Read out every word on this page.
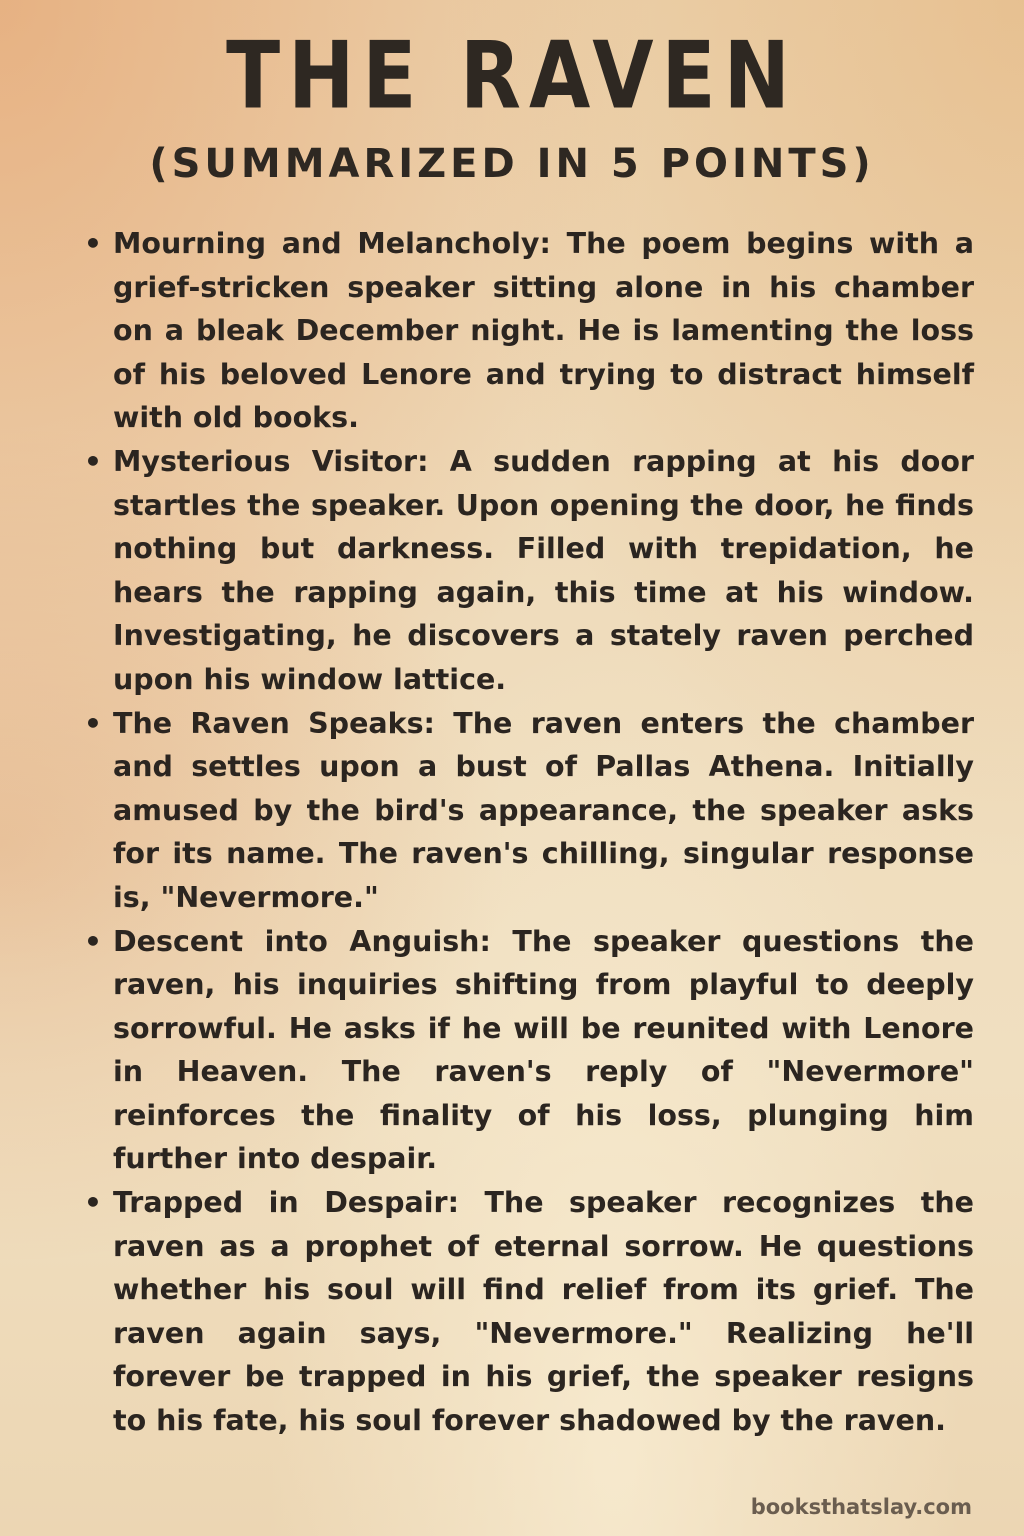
THE RAVEN
(SUMMARIZED IN 5 POINTS)
• Mourning and Melancholy: The poem begins with a grief-stricken speaker sitting alone in his chamber on a bleak December night. He is lamenting the loss of his beloved Lenore and trying to distract himself with old books.
• Mysterious Visitor: A sudden rapping at his door startles the speaker. Upon opening the door, he finds nothing but darkness. Filled with trepidation, he hears the rapping again, this time at his window. Investigating, he discovers a stately raven perched upon his window lattice.
• The Raven Speaks: The raven enters the chamber and settles upon a bust of Pallas Athena. Initially amused by the bird's appearance, the speaker asks for its name. The raven's chilling, singular response is, "Nevermore."
• Descent into Anguish: The speaker questions the raven, his inquiries shifting from playful to deeply sorrowful. He asks if he will be reunited with Lenore in Heaven. The raven's reply of "Nevermore" reinforces the finality of his loss, plunging him further into despair.
• Trapped in Despair: The speaker recognizes the raven as a prophet of eternal sorrow. He questions whether his soul will find relief from its grief. The raven again says, "Nevermore." Realizing he'll forever be trapped in his grief, the speaker resigns to his fate, his soul forever shadowed by the raven.
booksthatslay.com
